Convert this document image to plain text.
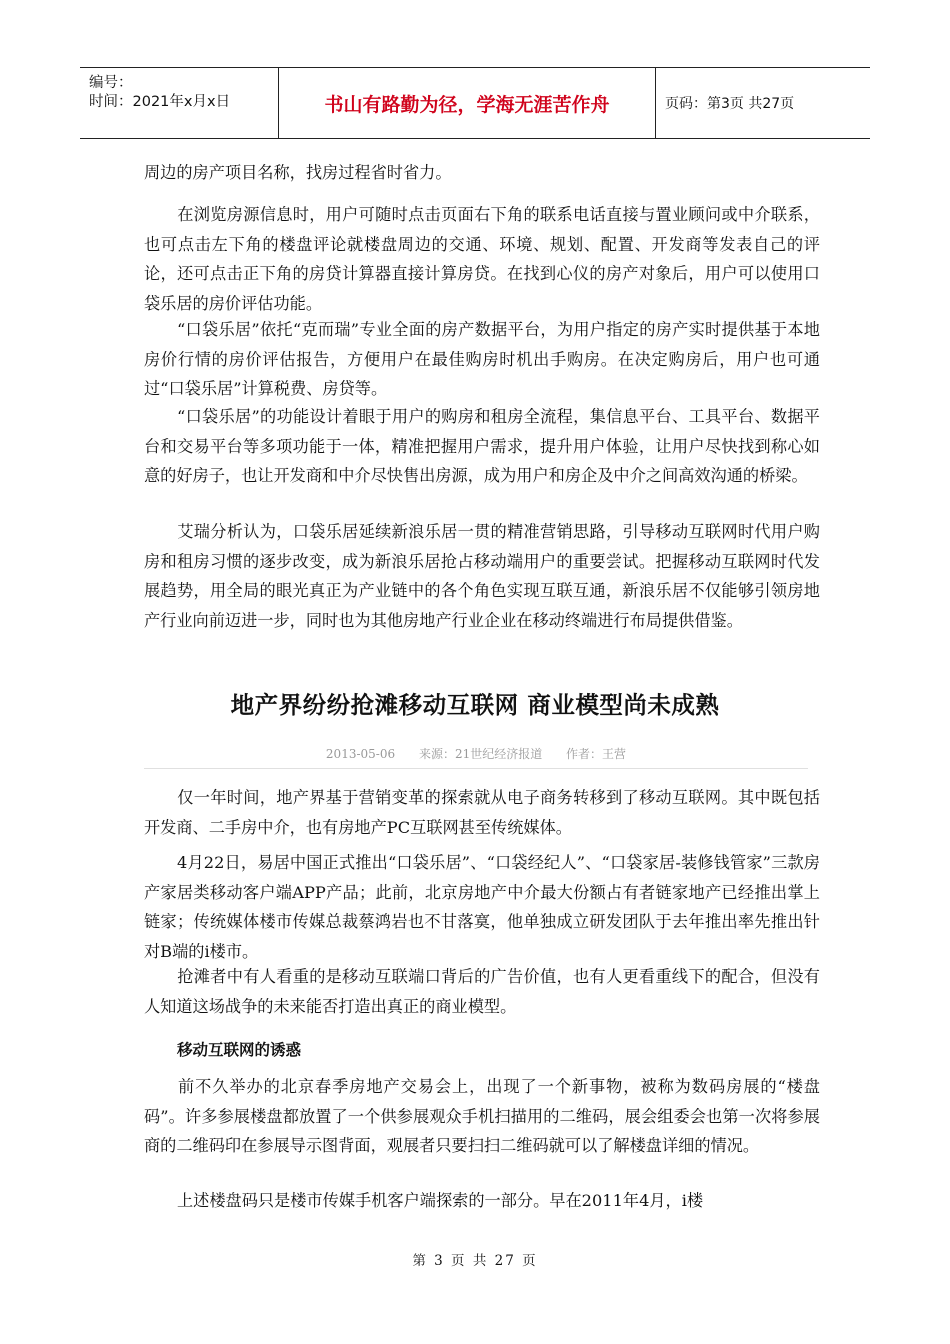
编号：
时间：2021年x月x日	书山有路勤为径，学海无涯苦作舟	页码：第3页 共27页

周边的房产项目名称，找房过程省时省力。

在浏览房源信息时，用户可随时点击页面右下角的联系电话直接与置业顾问或中介联系，也可点击左下角的楼盘评论就楼盘周边的交通、环境、规划、配置、开发商等发表自己的评论，还可点击正下角的房贷计算器直接计算房贷。在找到心仪的房产对象后，用户可以使用口袋乐居的房价评估功能。

“口袋乐居”依托“克而瑞”专业全面的房产数据平台，为用户指定的房产实时提供基于本地房价行情的房价评估报告，方便用户在最佳购房时机出手购房。在决定购房后，用户也可通过“口袋乐居”计算税费、房贷等。

“口袋乐居”的功能设计着眼于用户的购房和租房全流程，集信息平台、工具平台、数据平台和交易平台等多项功能于一体，精准把握用户需求，提升用户体验，让用户尽快找到称心如意的好房子，也让开发商和中介尽快售出房源，成为用户和房企及中介之间高效沟通的桥梁。

艾瑞分析认为，口袋乐居延续新浪乐居一贯的精准营销思路，引导移动互联网时代用户购房和租房习惯的逐步改变，成为新浪乐居抢占移动端用户的重要尝试。把握移动互联网时代发展趋势，用全局的眼光真正为产业链中的各个角色实现互联互通，新浪乐居不仅能够引领房地产行业向前迈进一步，同时也为其他房地产行业企业在移动终端进行布局提供借鉴。

地产界纷纷抢滩移动互联网 商业模型尚未成熟
2013-05-06 来源：21世纪经济报道 作者：王营

仅一年时间，地产界基于营销变革的探索就从电子商务转移到了移动互联网。其中既包括开发商、二手房中介，也有房地产PC互联网甚至传统媒体。

4月22日，易居中国正式推出“口袋乐居”、“口袋经纪人”、“口袋家居-装修钱管家”三款房产家居类移动客户端APP产品；此前，北京房地产中介最大份额占有者链家地产已经推出掌上链家；传统媒体楼市传媒总裁蔡鸿岩也不甘落寞，他单独成立研发团队于去年推出率先推出针对B端的i楼市。

抢滩者中有人看重的是移动互联端口背后的广告价值，也有人更看重线下的配合，但没有人知道这场战争的未来能否打造出真正的商业模型。

移动互联网的诱惑

前不久举办的北京春季房地产交易会上，出现了一个新事物，被称为数码房展的“楼盘码”。许多参展楼盘都放置了一个供参展观众手机扫描用的二维码，展会组委会也第一次将参展商的二维码印在参展导示图背面，观展者只要扫扫二维码就可以了解楼盘详细的情况。

上述楼盘码只是楼市传媒手机客户端探索的一部分。早在2011年4月，i楼

第 3 页 共 27 页
